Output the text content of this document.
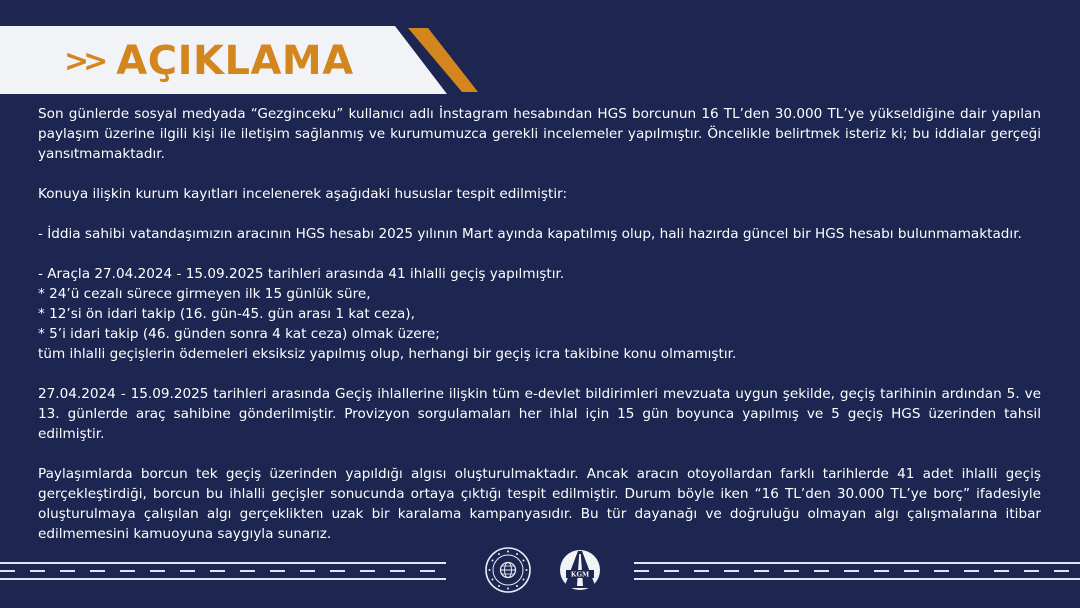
>> AÇIKLAMA

Son günlerde sosyal medyada “Gezginceku” kullanıcı adlı İnstagram hesabından HGS borcunun 16 TL’den 30.000 TL’ye yükseldiğine dair yapılan paylaşım üzerine ilgili kişi ile iletişim sağlanmış ve kurumumuzca gerekli incelemeler yapılmıştır. Öncelikle belirtmek isteriz ki; bu iddialar gerçeği yansıtmamaktadır.

Konuya ilişkin kurum kayıtları incelenerek aşağıdaki hususlar tespit edilmiştir:

- İddia sahibi vatandaşımızın aracının HGS hesabı 2025 yılının Mart ayında kapatılmış olup, hali hazırda güncel bir HGS hesabı bulunmamaktadır.

- Araçla 27.04.2024 - 15.09.2025 tarihleri arasında 41 ihlalli geçiş yapılmıştır.
* 24’ü cezalı sürece girmeyen ilk 15 günlük süre,
* 12’si ön idari takip (16. gün-45. gün arası 1 kat ceza),
* 5’i idari takip (46. günden sonra 4 kat ceza) olmak üzere;
tüm ihlalli geçişlerin ödemeleri eksiksiz yapılmış olup, herhangi bir geçiş icra takibine konu olmamıştır.

27.04.2024 - 15.09.2025 tarihleri arasında Geçiş ihlallerine ilişkin tüm e-devlet bildirimleri mevzuata uygun şekilde, geçiş tarihinin ardından 5. ve 13. günlerde araç sahibine gönderilmiştir. Provizyon sorgulamaları her ihlal için 15 gün boyunca yapılmış ve 5 geçiş HGS üzerinden tahsil edilmiştir.

Paylaşımlarda borcun tek geçiş üzerinden yapıldığı algısı oluşturulmaktadır. Ancak aracın otoyollardan farklı tarihlerde 41 adet ihlalli geçiş gerçekleştirdiği, borcun bu ihlalli geçişler sonucunda ortaya çıktığı tespit edilmiştir. Durum böyle iken “16 TL’den 30.000 TL’ye borç” ifadesiyle oluşturulmaya çalışılan algı gerçeklikten uzak bir karalama kampanyasıdır. Bu tür dayanağı ve doğruluğu olmayan algı çalışmalarına itibar edilmemesini kamuoyuna saygıyla sunarız.

KGM
